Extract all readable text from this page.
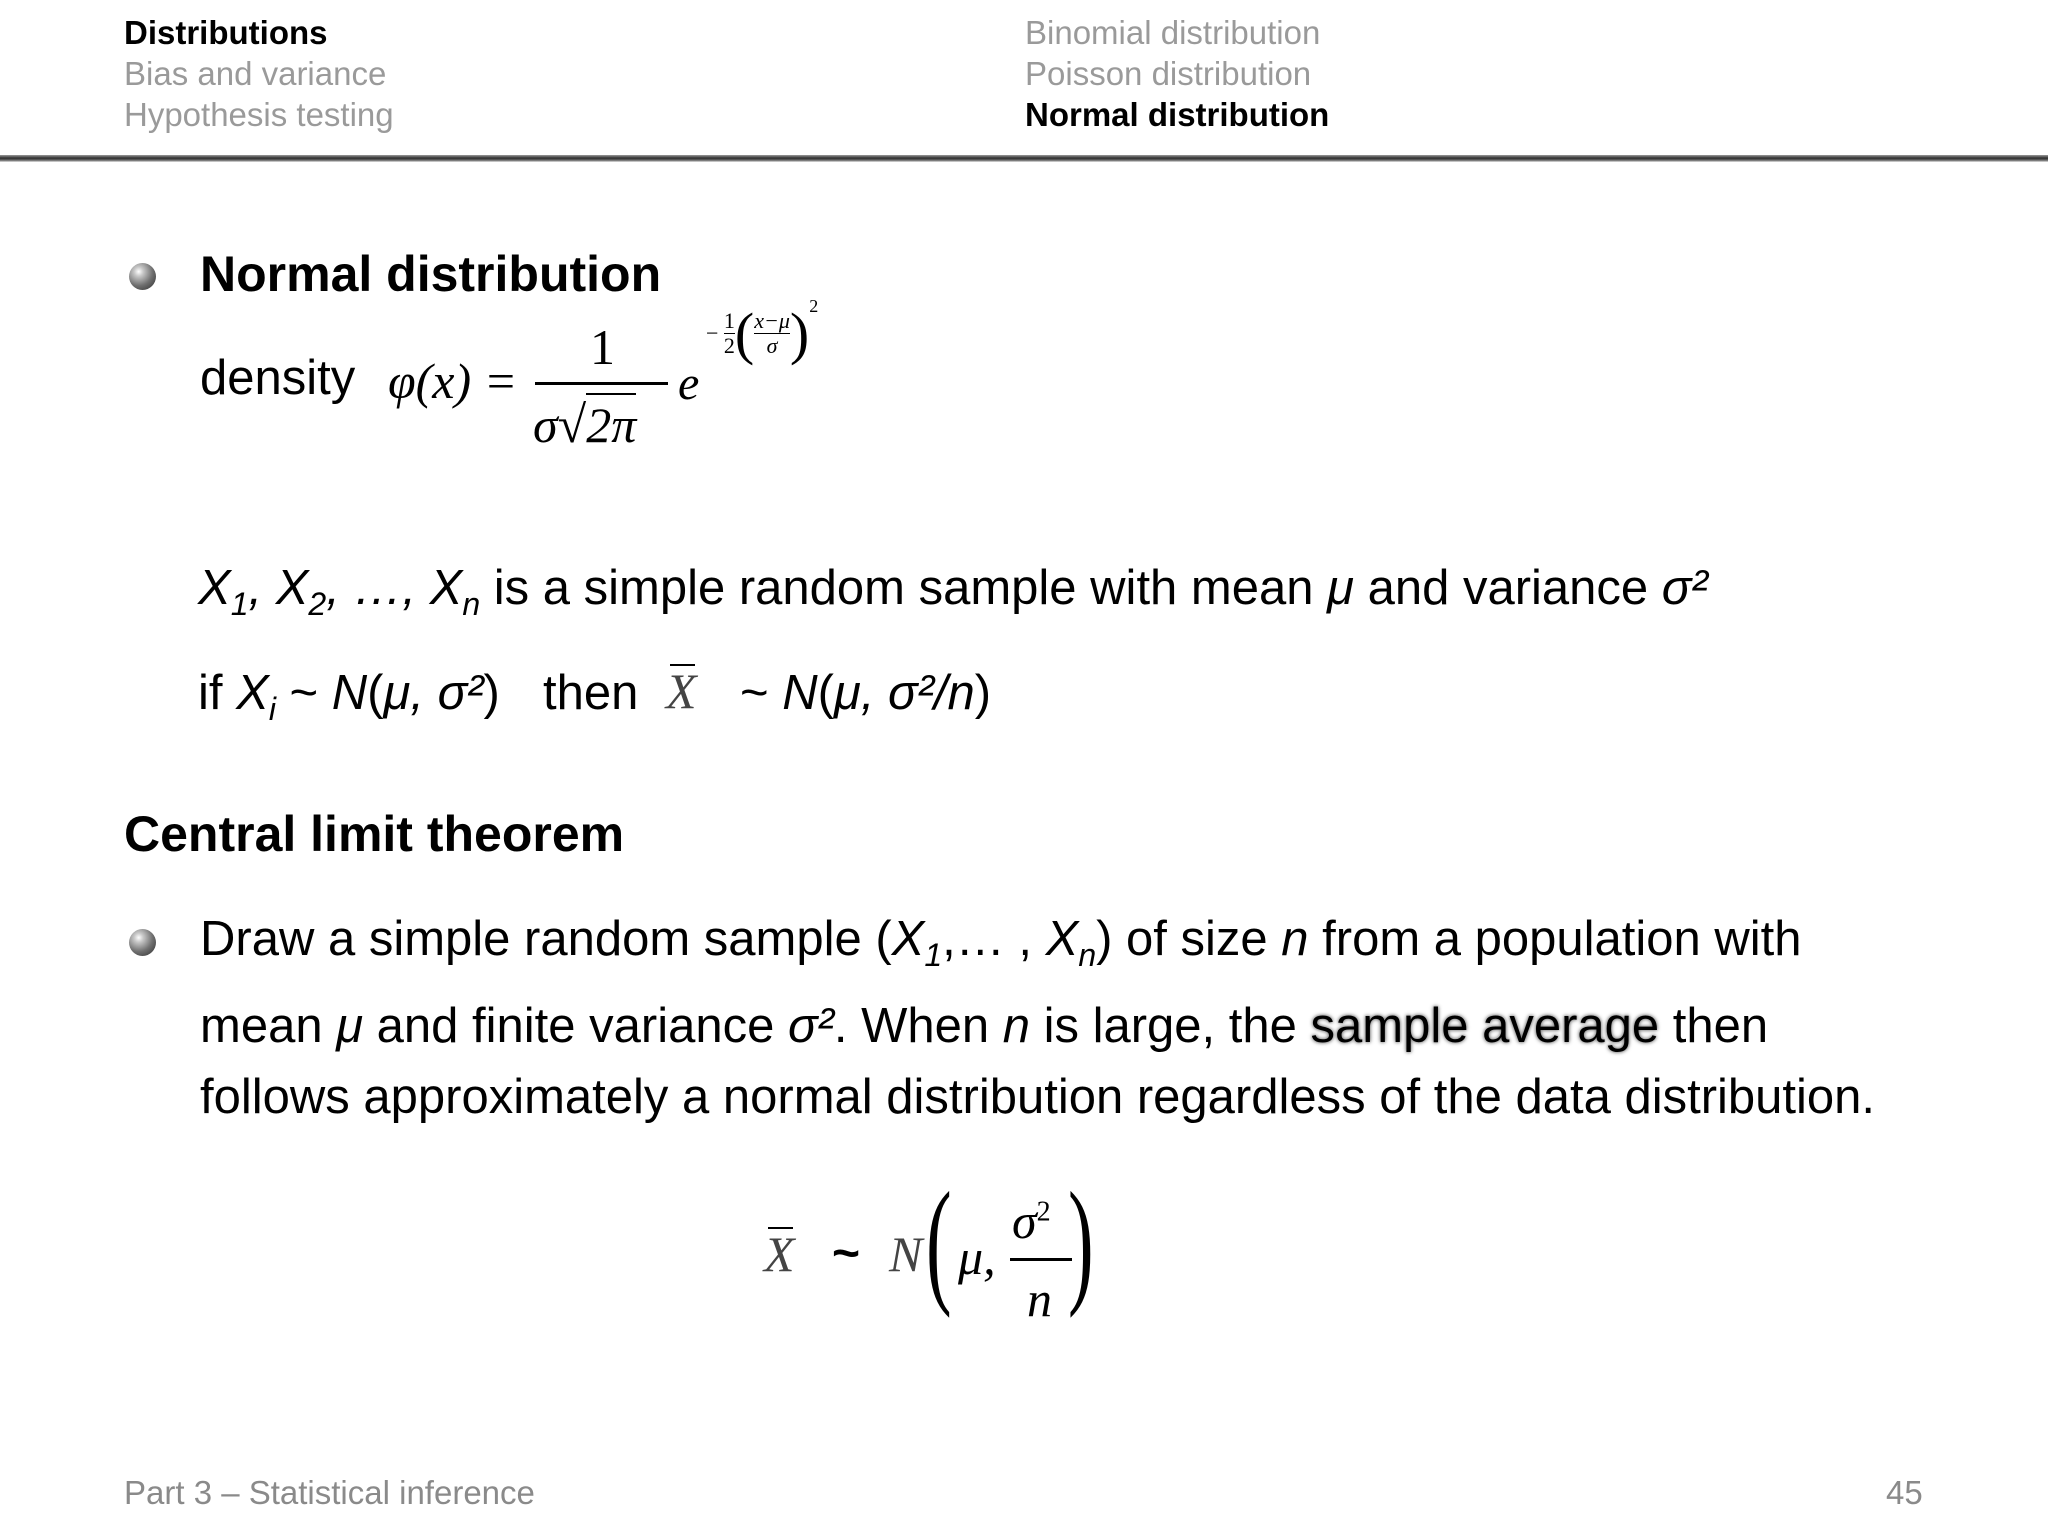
Distributions
Bias and variance
Hypothesis testing
Binomial distribution
Poisson distribution
Normal distribution
Normal distribution
density φ(x) =
1
σ√2π
e
− $\frac{1}{2}$ ( $\frac{x-\mu}{\sigma} )^2$
$X_1$, $X_2$, …, $X_n$ is a simple random sample with mean μ and variance σ²
if $X_i$ ~ N(μ, σ²) then X ~ N(μ, σ²/n)
Central limit theorem
Draw a simple random sample ($X_1,\dots$ , $X_n$) of size n from a population with
mean μ and finite variance σ². When n is large, the sample average then
follows approximately a normal distribution regardless of the data distribution.
X ~ N ( μ,
$\sigma^2$
n )
Part 3 – Statistical inference	45
